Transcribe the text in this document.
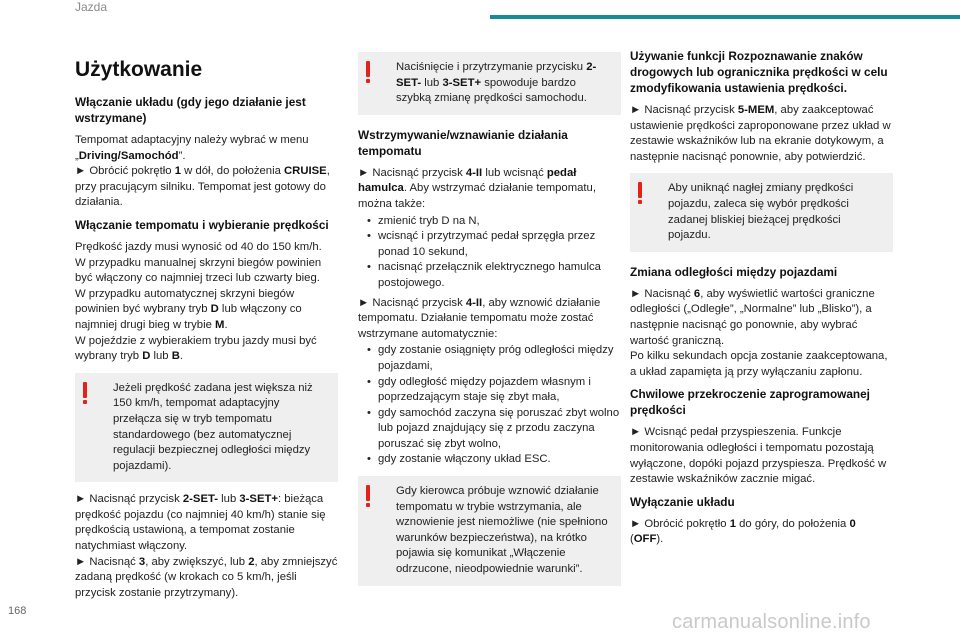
Jazda
Użytkowanie
Włączanie układu (gdy jego działanie jest wstrzymane)
Tempomat adaptacyjny należy wybrać w menu „Driving/Samochód”.
► Obrócić pokrętło 1 w dół, do położenia CRUISE, przy pracującym silniku. Tempomat jest gotowy do działania.
Włączanie tempomatu i wybieranie prędkości
Prędkość jazdy musi wynosić od 40 do 150 km/h.
W przypadku manualnej skrzyni biegów powinien być włączony co najmniej trzeci lub czwarty bieg.
W przypadku automatycznej skrzyni biegów powinien być wybrany tryb D lub włączony co najmniej drugi bieg w trybie M.
W pojeździe z wybierakiem trybu jazdy musi być wybrany tryb D lub B.
Jeżeli prędkość zadana jest większa niż 150 km/h, tempomat adaptacyjny przełącza się w tryb tempomatu standardowego (bez automatycznej regulacji bezpiecznej odległości między pojazdami).
► Nacisnąć przycisk 2-SET- lub 3-SET+: bieżąca prędkość pojazdu (co najmniej 40 km/h) stanie się prędkością ustawioną, a tempomat zostanie natychmiast włączony.
► Nacisnąć 3, aby zwiększyć, lub 2, aby zmniejszyć zadaną prędkość (w krokach co 5 km/h, jeśli przycisk zostanie przytrzymany).
Naciśnięcie i przytrzymanie przycisku 2-SET- lub 3-SET+ spowoduje bardzo szybką zmianę prędkości samochodu.
Wstrzymywanie/wznawianie działania tempomatu
► Nacisnąć przycisk 4-II lub wcisnąć pedał hamulca. Aby wstrzymać działanie tempomatu, można także:
• zmienić tryb D na N,
• wcisnąć i przytrzymać pedał sprzęgła przez ponad 10 sekund,
• nacisnąć przełącznik elektrycznego hamulca postojowego.
► Nacisnąć przycisk 4-II, aby wznowić działanie tempomatu. Działanie tempomatu może zostać wstrzymane automatycznie:
• gdy zostanie osiągnięty próg odległości między pojazdami,
• gdy odległość między pojazdem własnym i poprzedzającym staje się zbyt mała,
• gdy samochód zaczyna się poruszać zbyt wolno lub pojazd znajdujący się z przodu zaczyna poruszać się zbyt wolno,
• gdy zostanie włączony układ ESC.
Gdy kierowca próbuje wznowić działanie tempomatu w trybie wstrzymania, ale wznowienie jest niemożliwe (nie spełniono warunków bezpieczeństwa), na krótko pojawia się komunikat „Włączenie odrzucone, nieodpowiednie warunki”.
Używanie funkcji Rozpoznawanie znaków drogowych lub ogranicznika prędkości w celu zmodyfikowania ustawienia prędkości.
► Nacisnąć przycisk 5-MEM, aby zaakceptować ustawienie prędkości zaproponowane przez układ w zestawie wskaźników lub na ekranie dotykowym, a następnie nacisnąć ponownie, aby potwierdzić.
Aby uniknąć nagłej zmiany prędkości pojazdu, zaleca się wybór prędkości zadanej bliskiej bieżącej prędkości pojazdu.
Zmiana odległości między pojazdami
► Nacisnąć 6, aby wyświetlić wartości graniczne odległości („Odległe”, „Normalne” lub „Blisko”), a następnie nacisnąć go ponownie, aby wybrać wartość graniczną.
Po kilku sekundach opcja zostanie zaakceptowana, a układ zapamięta ją przy wyłączaniu zapłonu.
Chwilowe przekroczenie zaprogramowanej prędkości
► Wcisnąć pedał przyspieszenia. Funkcje monitorowania odległości i tempomatu pozostają wyłączone, dopóki pojazd przyspiesza. Prędkość w zestawie wskaźników zacznie migać.
Wyłączanie układu
► Obrócić pokrętło 1 do góry, do położenia 0
(OFF).
168	carmanualsonline.info
